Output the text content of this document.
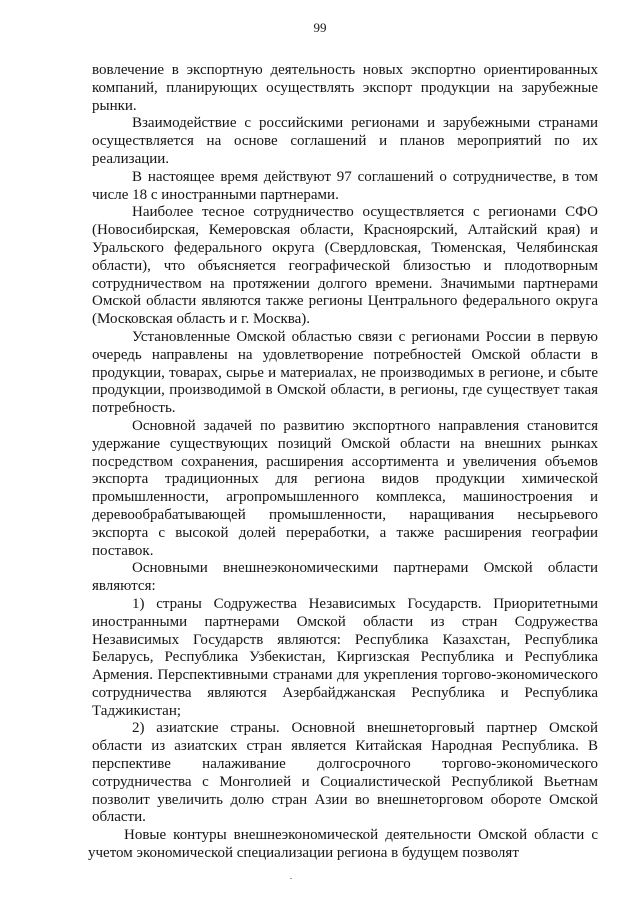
99

вовлечение в экспортную деятельность новых экспортно ориентированных компаний, планирующих осуществлять экспорт продукции на зарубежные рынки.

Взаимодействие с российскими регионами и зарубежными странами осуществляется на основе соглашений и планов мероприятий по их реализации.

В настоящее время действуют 97 соглашений о сотрудничестве, в том числе 18 с иностранными партнерами.

Наиболее тесное сотрудничество осуществляется с регионами СФО (Новосибирская, Кемеровская области, Красноярский, Алтайский края) и Уральского федерального округа (Свердловская, Тюменская, Челябинская области), что объясняется географической близостью и плодотворным сотрудничеством на протяжении долгого времени. Значимыми партнерами Омской области являются также регионы Центрального федерального округа (Московская область и г. Москва).

Установленные Омской областью связи с регионами России в первую очередь направлены на удовлетворение потребностей Омской области в продукции, товарах, сырье и материалах, не производимых в регионе, и сбыте продукции, производимой в Омской области, в регионы, где существует такая потребность.

Основной задачей по развитию экспортного направления становится удержание существующих позиций Омской области на внешних рынках посредством сохранения, расширения ассортимента и увеличения объемов экспорта традиционных для региона видов продукции химической промышленности, агропромышленного комплекса, машиностроения и деревообрабатывающей промышленности, наращивания несырьевого экспорта с высокой долей переработки, а также расширения географии поставок.

Основными внешнеэкономическими партнерами Омской области являются:

1) страны Содружества Независимых Государств. Приоритетными иностранными партнерами Омской области из стран Содружества Независимых Государств являются: Республика Казахстан, Республика Беларусь, Республика Узбекистан, Киргизская Республика и Республика Армения. Перспективными странами для укрепления торгово-экономического сотрудничества являются Азербайджанская Республика и Республика Таджикистан;

2) азиатские страны. Основной внешнеторговый партнер Омской области из азиатских стран является Китайская Народная Республика. В перспективе налаживание долгосрочного торгово-экономического сотрудничества с Монголией и Социалистической Республикой Вьетнам позволит увеличить долю стран Азии во внешнеторговом обороте Омской области.

Новые контуры внешнеэкономической деятельности Омской области с учетом экономической специализации региона в будущем позволят
